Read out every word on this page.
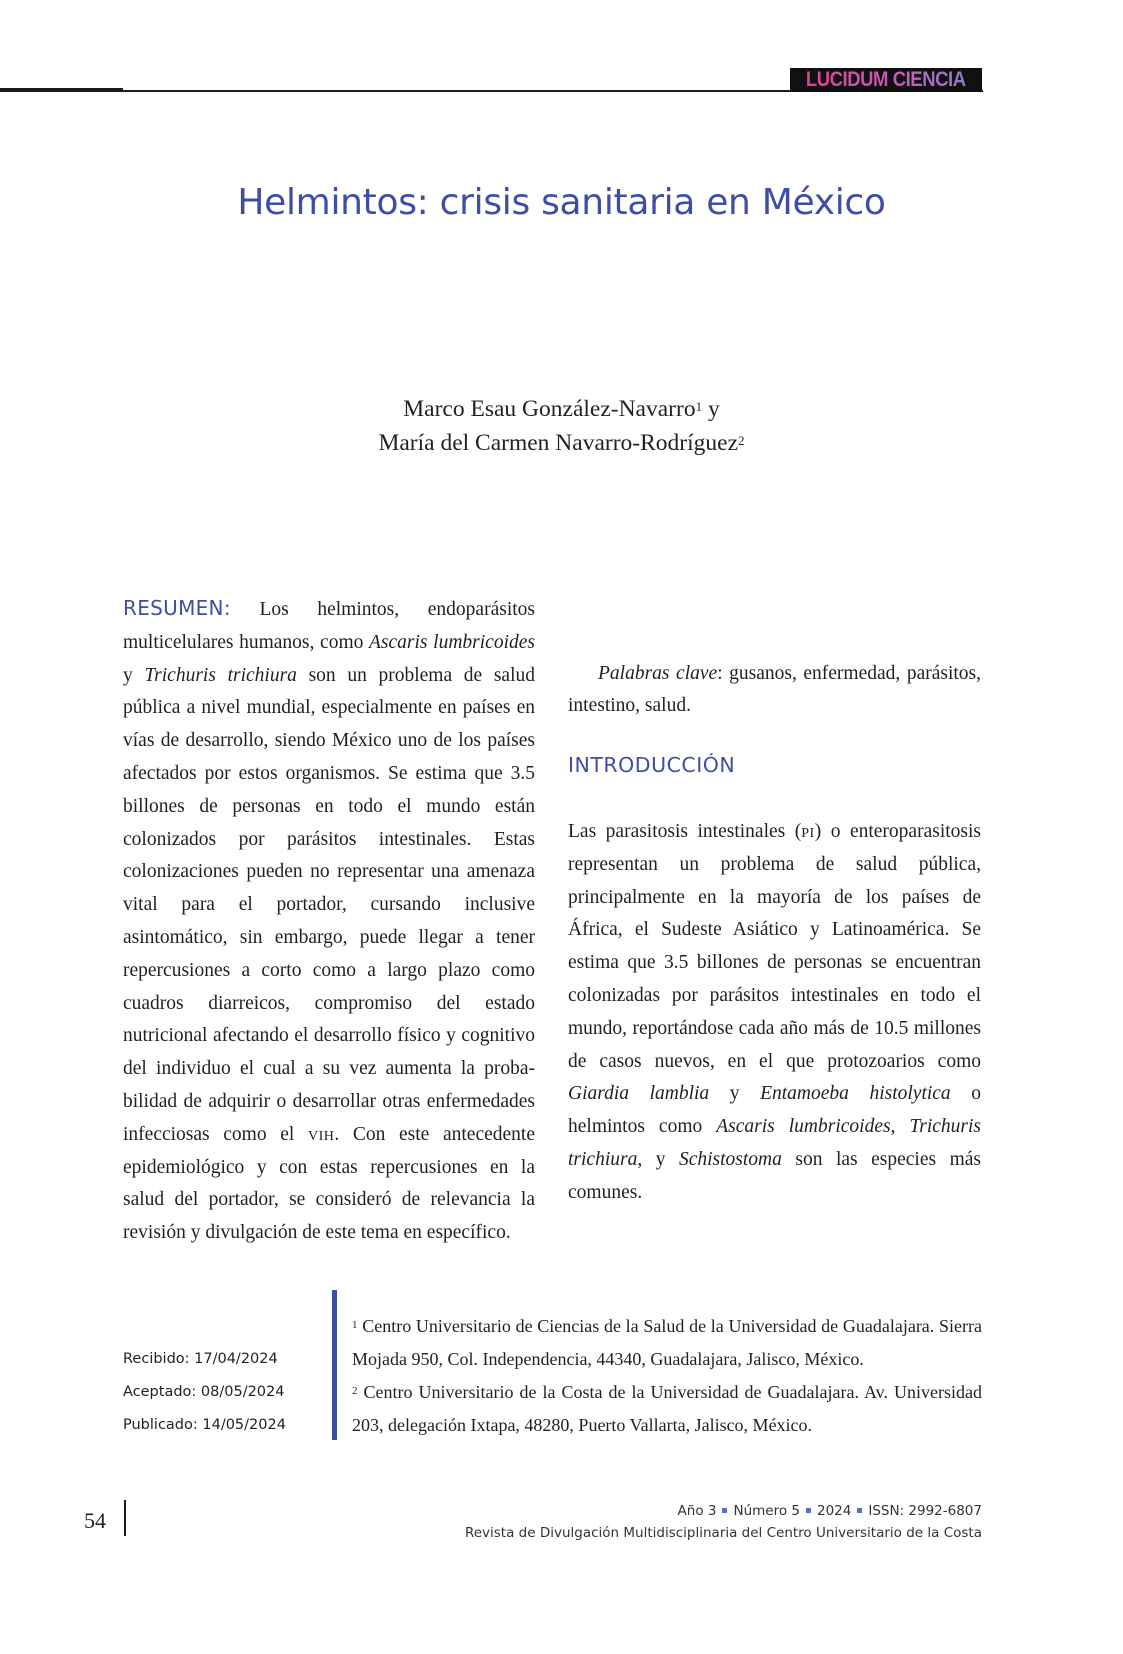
LUCIDUM CIENCIA
Helmintos: crisis sanitaria en México
Marco Esau González-Navarro$^1$ y
María del Carmen Navarro-Rodríguez$^2$

RESUMEN: Los helmintos, endoparásitos multicelulares humanos, como Ascaris lumbricoides y Trichuris trichiura son un problema de salud pública a nivel mundial, especialmente en países en vías de desarrollo, siendo México uno de los países afectados por estos organismos. Se estima que 3.5 billones de personas en todo el mundo están colonizados por parásitos intestinales. Estas colonizaciones pueden no representar una amenaza vital para el portador, cursando inclusive asintomático, sin embargo, puede llegar a tener repercusiones a corto como a largo plazo como cuadros diarreicos, compromiso del estado nutricional afectando el desarrollo físico y cognitivo del individuo el cual a su vez aumenta la probabilidad de adquirir o desarrollar otras enfermedades infecciosas como el vih. Con este antecedente epidemiológico y con estas repercusiones en la salud del portador, se consideró de relevancia la revisión y divulgación de este tema en específico.

Palabras clave: gusanos, enfermedad, parásitos, intestino, salud.

INTRODUCCIÓN

Las parasitosis intestinales (pi) o enteroparasitosis representan un problema de salud pública, principalmente en la mayoría de los países de África, el Sudeste Asiático y Latinoamérica. Se estima que 3.5 billones de personas se encuentran colonizadas por parásitos intestinales en todo el mundo, reportándose cada año más de 10.5 millones de casos nuevos, en el que protozoarios como Giardia lamblia y Entamoeba histolytica o helmintos como Ascaris lumbricoides, Trichuris trichiura, y Schistostoma son las especies más comunes.

Recibido: 17/04/2024
Aceptado: 08/05/2024
Publicado: 14/05/2024
$^1$ Centro Universitario de Ciencias de la Salud de la Universidad de Guadalajara. Sierra Mojada 950, Col. Independencia, 44340, Guadalajara, Jalisco, México.
$^2$ Centro Universitario de la Costa de la Universidad de Guadalajara. Av. Universidad 203, delegación Ixtapa, 48280, Puerto Vallarta, Jalisco, México.
54	Año 3 Número 5 2024 ISSN: 2992-6807
Revista de Divulgación Multidisciplinaria del Centro Universitario de la Costa
